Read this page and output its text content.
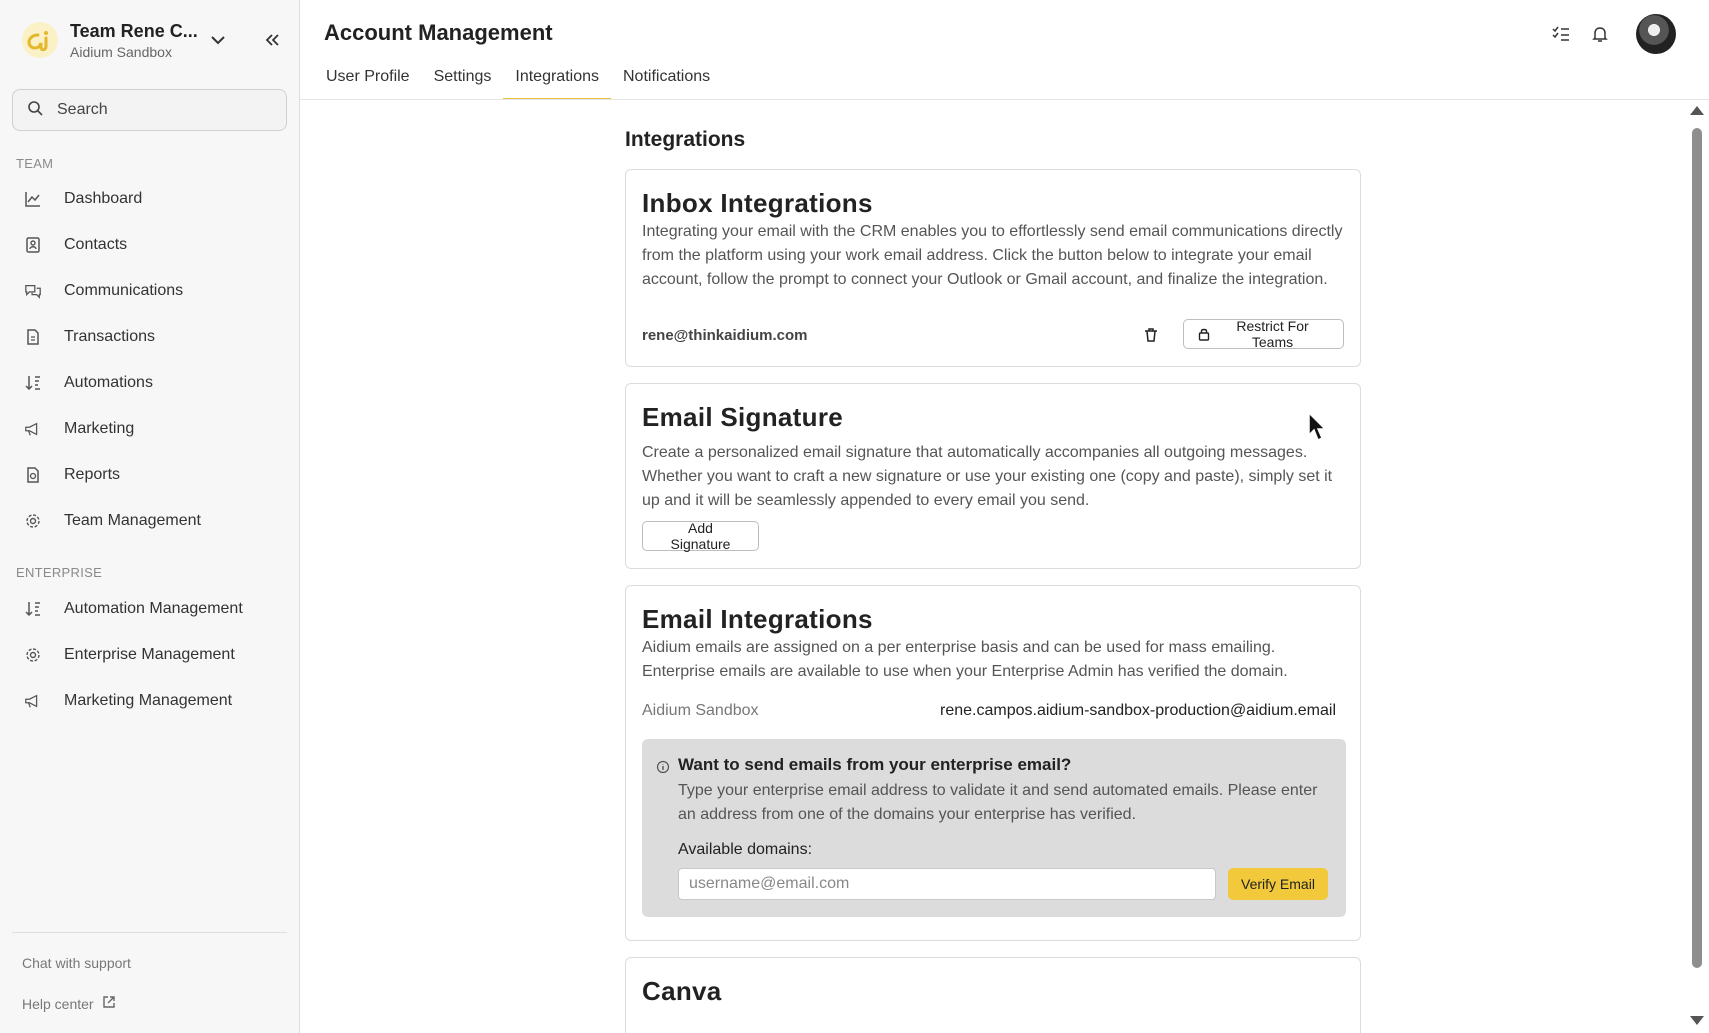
Team Rene C...
Aidium Sandbox
Search
TEAM
Dashboard
Contacts
Communications
Transactions
Automations
Marketing
Reports
Team Management
ENTERPRISE
Automation Management
Enterprise Management
Marketing Management
Chat with support
Help center
Account Management
User Profile	Settings	Integrations	Notifications
Integrations
Inbox Integrations
Integrating your email with the CRM enables you to effortlessly send email communications directly from the platform using your work email address. Click the button below to integrate your email account, follow the prompt to connect your Outlook or Gmail account, and finalize the integration.
rene@thinkaidium.com
Restrict For Teams
Email Signature
Create a personalized email signature that automatically accompanies all outgoing messages. Whether you want to craft a new signature or use your existing one (copy and paste), simply set it up and it will be seamlessly appended to every email you send.
Add Signature
Email Integrations
Aidium emails are assigned on a per enterprise basis and can be used for mass emailing. Enterprise emails are available to use when your Enterprise Admin has verified the domain.
Aidium Sandbox	rene.campos.aidium-sandbox-production@aidium.email
Want to send emails from your enterprise email?
Type your enterprise email address to validate it and send automated emails. Please enter an address from one of the domains your enterprise has verified.
Available domains:
username@email.com
Verify Email
Canva
